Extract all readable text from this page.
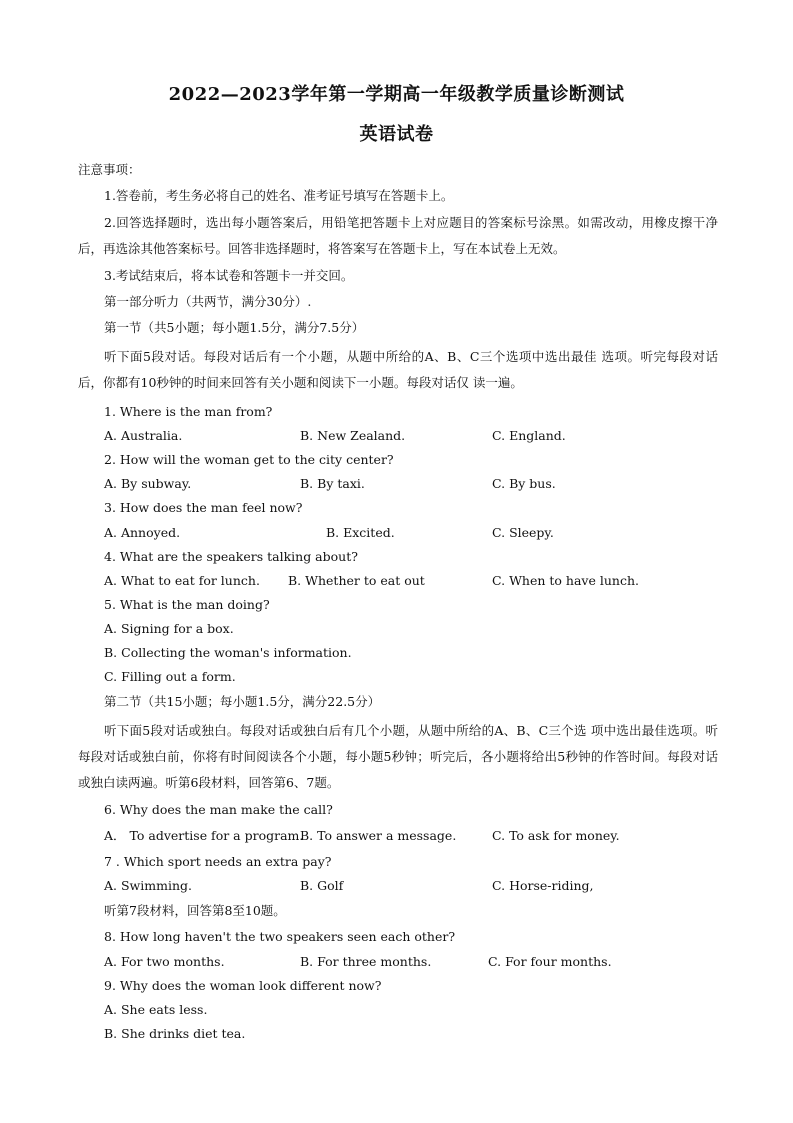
2022—2023学年第一学期高一年级教学质量诊断测试
英语试卷
注意事项：
1.答卷前，考生务必将自己的姓名、准考证号填写在答题卡上。
2.回答选择题时，选出每小题答案后，用铅笔把答题卡上对应题目的答案标号涂黑。如需改动，用橡皮擦干净后，再选涂其他答案标号。回答非选择题时，将答案写在答题卡上，写在本试卷上无效。
3.考试结束后，将本试卷和答题卡一并交回。
第一部分听力（共两节，满分30分）.
第一节（共5小题；每小题1.5分，满分7.5分）
听下面5段对话。每段对话后有一个小题，从题中所给的A、B、C三个选项中选出最佳 选项。听完每段对话后，你都有10秒钟的时间来回答有关小题和阅读下一小题。每段对话仅 读一遍。
1. Where is the man from?
A. Australia.	B. New Zealand.	C. England.
2. How will the woman get to the city center?
A. By subway.	B. By taxi.	C. By bus.
3. How does the man feel now?
A. Annoyed.	B. Excited.	C. Sleepy.
4. What are the speakers talking about?
A. What to eat for lunch. B. Whether to eat out	C. When to have lunch.
5. What is the man doing?
A. Signing for a box.
B. Collecting the woman's information.
C. Filling out a form.
第二节（共15小题；每小题1.5分，满分22.5分）
听下面5段对话或独白。每段对话或独白后有几个小题，从题中所给的A、B、C三个选 项中选出最佳选项。听每段对话或独白前，你将有时间阅读各个小题，每小题5秒钟；听完后，各小题将给出5秒钟的作答时间。每段对话或独白读两遍。听第6段材料，回答第6、7题。
6. Why does the man make the call?
A． To advertise for a program.
B. To answer a message.	C. To ask for money.
7 . Which sport needs an extra pay?
A. Swimming.	B. Golf	C. Horse-riding,
听第7段材料，回答第8至10题。
8. How long haven't the two speakers seen each other?
A. For two months.	B. For three months.	C. For four months.
9. Why does the woman look different now?
A. She eats less.
B. She drinks diet tea.
